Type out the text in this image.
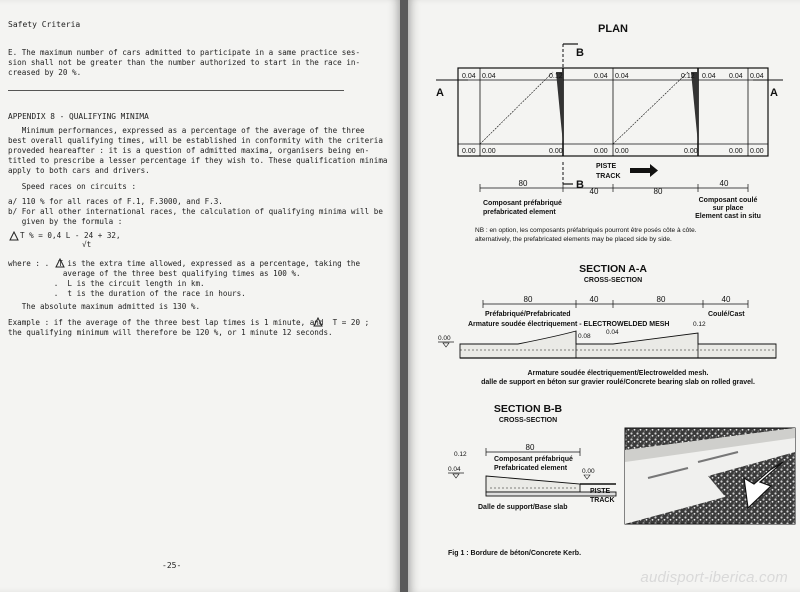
Safety Criteria
E. The maximum number of cars admitted to participate in a same practice ses-
sion shall not be greater than the number authorized to start in the race in-
creased by 20 %.
APPENDIX 8 - QUALIFYING MINIMA
Minimum performances, expressed as a percentage of the average of the three
best overall qualifying times, will be established in conformity with the criteria
proveded heareafter : it is a question of admitted maxima, organisers being en-
titled to prescribe a lesser percentage if they wish to. These qualification minima
apply to both cars and drivers.
Speed races on circuits :
a/ 110 % for all races of F.1, F.3000, and F.3.
b/ For all other international races, the calculation of qualifying minima will be
given by the formula :
T % = 0,4 L - 24 + 32,
√t
where : .  T is the extra time allowed, expressed as a percentage, taking the
average of the three best qualifying times as 100 %.
.  L is the circuit length in km.
.  t is the duration of the race in hours.
The absolute maximum admitted is 130 %.
Example : if the average of the three best lap times is 1 minute, and  T = 20 ;
the qualifying minimum will therefore be 120 %, or 1 minute 12 seconds.
-25-
PLAN
B
B
A	A
0.04 0.04	0.12	0.04 0.04	0.12 0.04 0.04 0.04
0.00 0.00	0.00	0.00 0.00	0.00	0.00 0.00
PISTE
TRACK
80
40	80
40
Composant préfabriqué
prefabricated element
Composant coulé
sur place
Element cast in situ
NB : en option, les composants préfabriqués pourront être posés côte à côte.
alternatively, the prefabricated elements may be placed side by side.
SECTION A-A
CROSS-SECTION
80	40	80	40
Préfabriqué/Prefabricated	Coulé/Cast
Armature soudée électriquement - ELECTROWELDED MESH	0.12
0.08
0.04
0.00
Armature soudée électriquement/Electrowelded mesh.
dalle de support en béton sur gravier roulé/Concrete bearing slab on rolled gravel.
SECTION B-B
CROSS-SECTION
80
0.12
0.04	0.00
Composant préfabriqué
Prefabricated element
PISTE
TRACK
Dalle de support/Base slab
Fig 1 : Bordure de béton/Concrete Kerb.
audisport-iberica.com
